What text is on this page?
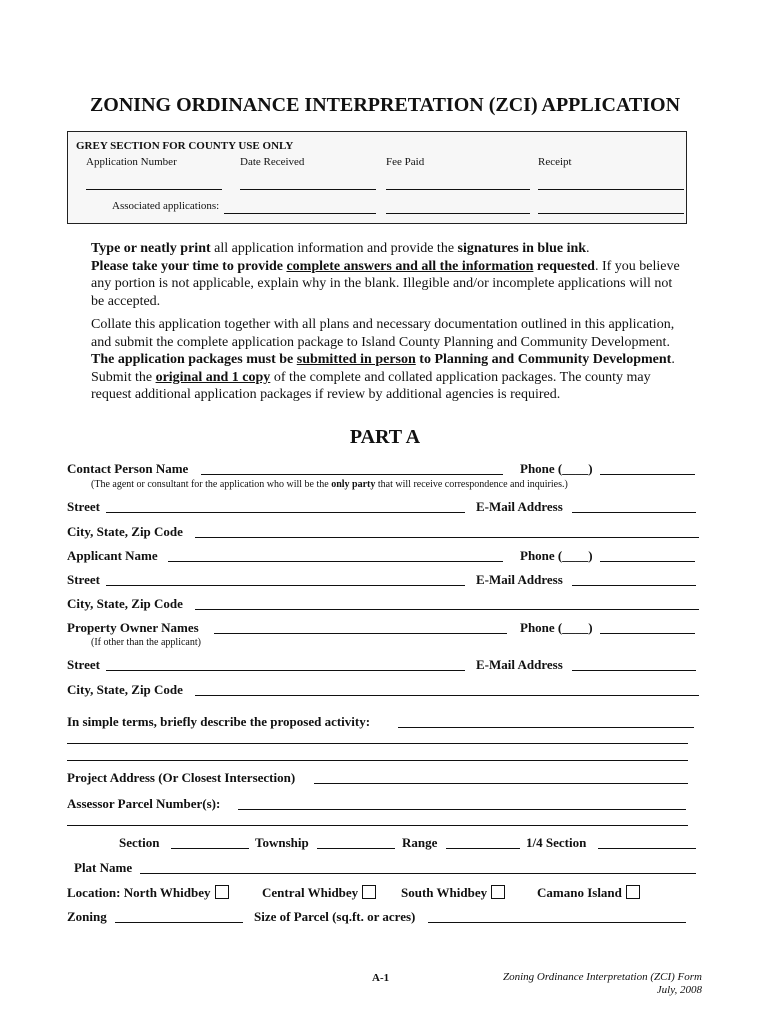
ZONING ORDINANCE INTERPRETATION (ZCI) APPLICATION
GREY SECTION FOR COUNTY USE ONLY
Application Number	Date Received	Fee Paid	Receipt
Associated applications:
Type or neatly print all application information and provide the signatures in blue ink.
Please take your time to provide complete answers and all the information requested. If you believe any portion is not applicable, explain why in the blank. Illegible and/or incomplete applications will not be accepted.
Collate this application together with all plans and necessary documentation outlined in this application, and submit the complete application package to Island County Planning and Community Development. The application packages must be submitted in person to Planning and Community Development. Submit the original and 1 copy of the complete and collated application packages. The county may request additional application packages if review by additional agencies is required.
PART A
Contact Person Name	Phone (____)
(The agent or consultant for the application who will be the only party that will receive correspondence and inquiries.)
Street	E-Mail Address
City, State, Zip Code
Applicant Name	Phone (____)
Street	E-Mail Address
City, State, Zip Code
Property Owner Names	Phone (____)
(If other than the applicant)
Street	E-Mail Address
City, State, Zip Code
In simple terms, briefly describe the proposed activity:
Project Address (Or Closest Intersection)
Assessor Parcel Number(s):
Section	Township	Range	1/4 Section
Plat Name
Location: North Whidbey	Central Whidbey	South Whidbey	Camano Island
Zoning	Size of Parcel (sq.ft. or acres)
A-1	Zoning Ordinance Interpretation (ZCI) Form
July, 2008
